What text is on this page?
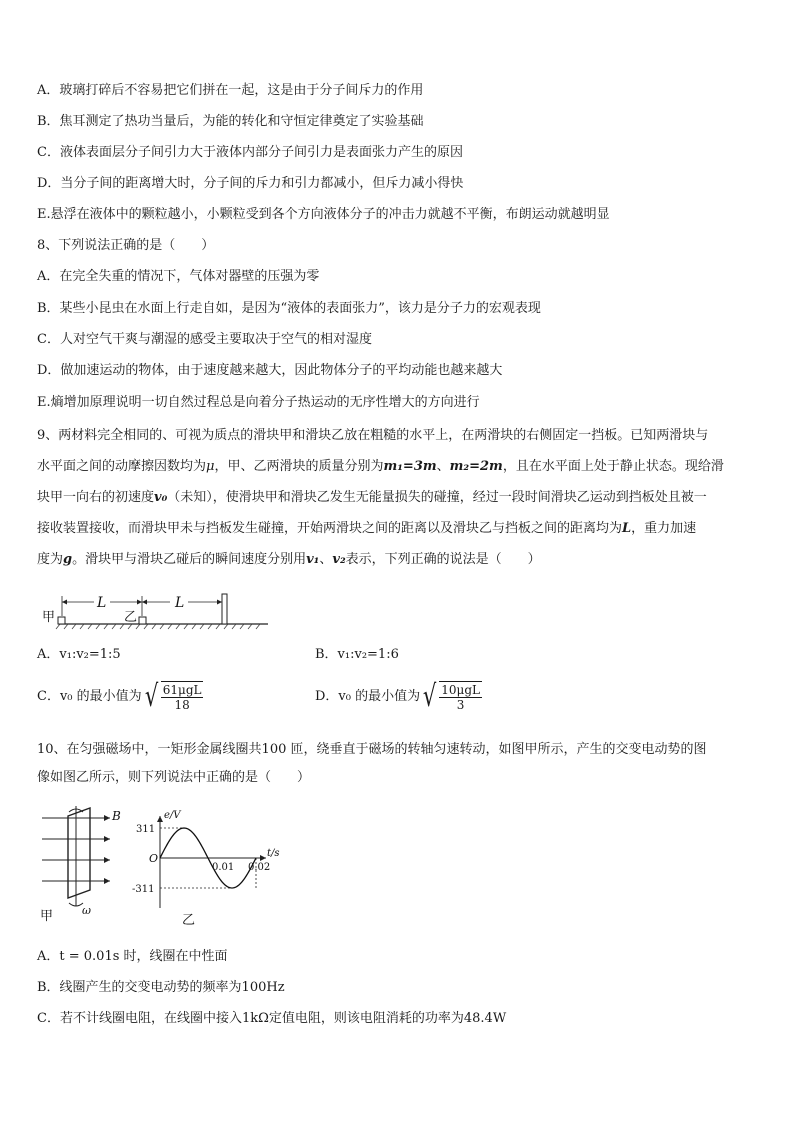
A．玻璃打碎后不容易把它们拼在一起，这是由于分子间斥力的作用
B．焦耳测定了热功当量后，为能的转化和守恒定律奠定了实验基础
C．液体表面层分子间引力大于液体内部分子间引力是表面张力产生的原因
D．当分子间的距离增大时，分子间的斥力和引力都减小，但斥力减小得快
E.悬浮在液体中的颗粒越小，小颗粒受到各个方向液体分子的冲击力就越不平衡，布朗运动就越明显
8、下列说法正确的是（　　）
A．在完全失重的情况下，气体对器壁的压强为零
B．某些小昆虫在水面上行走自如，是因为“液体的表面张力”，该力是分子力的宏观表现
C．人对空气干爽与潮湿的感受主要取决于空气的相对湿度
D．做加速运动的物体，由于速度越来越大，因此物体分子的平均动能也越来越大
E.熵增加原理说明一切自然过程总是向着分子热运动的无序性增大的方向进行
9、两材料完全相同的、可视为质点的滑块甲和滑块乙放在粗糙的水平上，在两滑块的右侧固定一挡板。已知两滑块与
水平面之间的动摩擦因数均为μ，甲、乙两滑块的质量分别为m₁=3m、m₂=2m，且在水平面上处于静止状态。现给滑
块甲一向右的初速度v₀（未知），使滑块甲和滑块乙发生无能量损失的碰撞，经过一段时间滑块乙运动到挡板处且被一
接收装置接收，而滑块甲未与挡板发生碰撞，开始两滑块之间的距离以及滑块乙与挡板之间的距离均为L，重力加速
度为g。滑块甲与滑块乙碰后的瞬间速度分别用v₁、v₂表示，下列正确的说法是（　　）
甲	乙
L	L
A．v₁:v₂=1:5	B．v₁:v₂=1:6
C．v₀ 的最小值为 √ $\frac{\text{61μgL}}{18}$	D．v₀ 的最小值为 √ $\frac{\text{10μgL}}{3}$
10、在匀强磁场中，一矩形金属线圈共100 匝，绕垂直于磁场的转轴匀速转动，如图甲所示，产生的交变电动势的图
像如图乙所示，则下列说法中正确的是（　　）
B
ω
甲
e/V
t/s
O
311
-311
0.01 0.02
乙
A．t = 0.01s 时，线圈在中性面
B．线圈产生的交变电动势的频率为100Hz
C．若不计线圈电阻，在线圈中接入1kΩ定值电阻，则该电阻消耗的功率为48.4W
